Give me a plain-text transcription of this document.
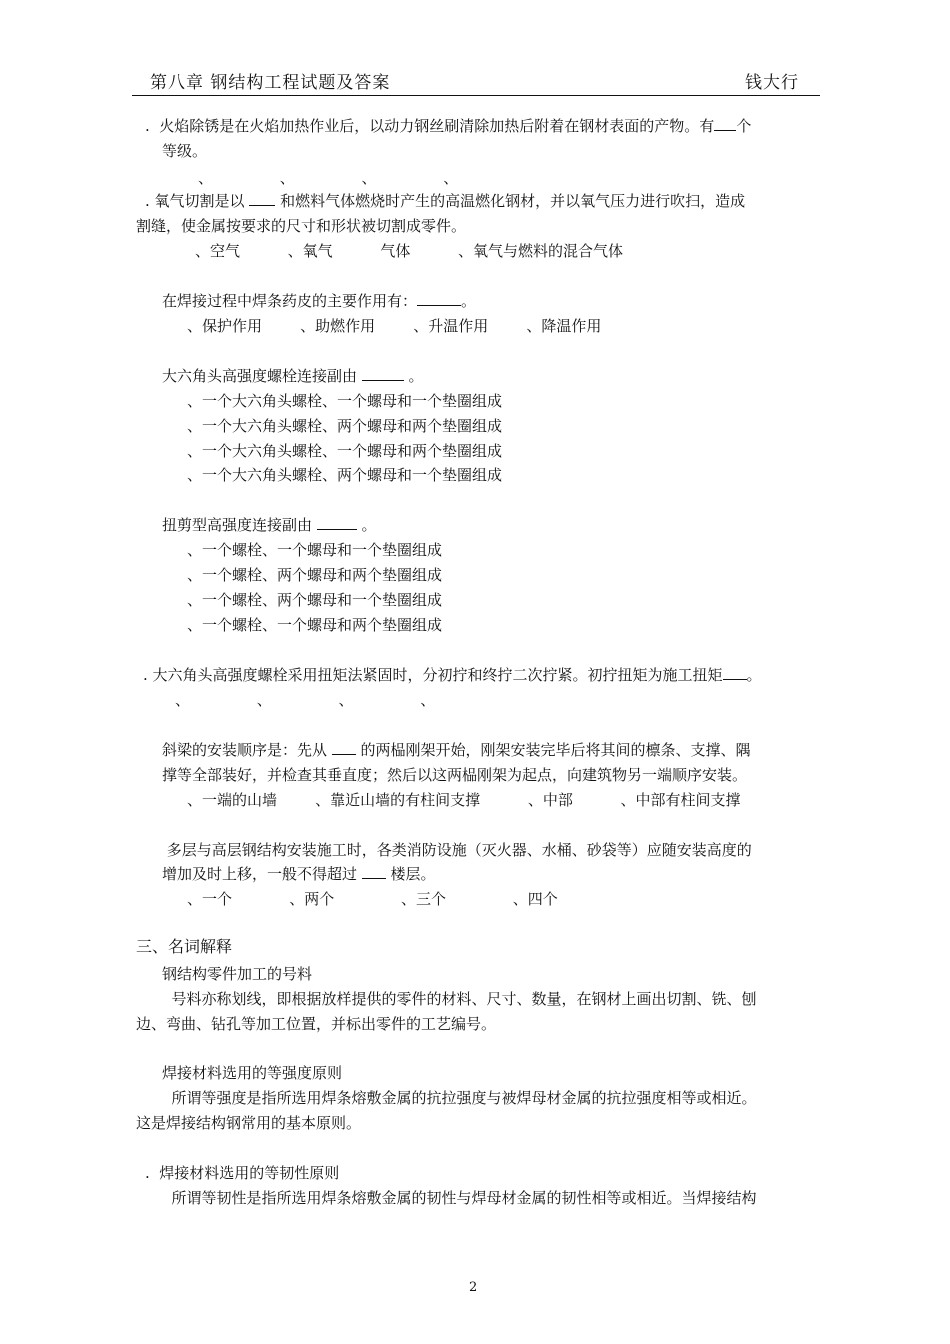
第八章 钢结构工程试题及答案	钱大行
.  火焰除锈是在火焰加热作业后，以动力钢丝刷清除加热后附着在钢材表面的产物。有 个
等级。
、              、              、              、
. 氧气切割是以  和燃料气体燃烧时产生的高温燃化钢材，并以氧气压力进行吹扫，造成
割缝，使金属按要求的尺寸和形状被切割成零件。
、空气          、氧气          气体          、氧气与燃料的混合气体
在焊接过程中焊条药皮的主要作用有：	。
、保护作用        、助燃作用        、升温作用        、降温作用
大六角头高强度螺栓连接副由	。
、一个大六角头螺栓、一个螺母和一个垫圈组成
、一个大六角头螺栓、两个螺母和两个垫圈组成
、一个大六角头螺栓、一个螺母和两个垫圈组成
、一个大六角头螺栓、两个螺母和一个垫圈组成
扭剪型高强度连接副由	。
、一个螺栓、一个螺母和一个垫圈组成
、一个螺栓、两个螺母和两个垫圈组成
、一个螺栓、两个螺母和一个垫圈组成
、一个螺栓、一个螺母和两个垫圈组成
. 大六角头高强度螺栓采用扭矩法紧固时，分初拧和终拧二次拧紧。初拧扭矩为施工扭矩 。
、              、              、              、
斜梁的安装顺序是：先从  的两榀刚架开始，刚架安装完毕后将其间的檩条、支撑、隅
撑等全部装好，并检查其垂直度；然后以这两榀刚架为起点，向建筑物另一端顺序安装。
、一端的山墙        、靠近山墙的有柱间支撑          、中部          、中部有柱间支撑
多层与高层钢结构安装施工时，各类消防设施（灭火器、水桶、砂袋等）应随安装高度的
增加及时上移，一般不得超过  楼层。
、一个            、两个              、三个              、四个
三、名词解释
钢结构零件加工的号料
号料亦称划线，即根据放样提供的零件的材料、尺寸、数量，在钢材上画出切割、铣、刨
边、弯曲、钻孔等加工位置，并标出零件的工艺编号。
焊接材料选用的等强度原则
所谓等强度是指所选用焊条熔敷金属的抗拉强度与被焊母材金属的抗拉强度相等或相近。
这是焊接结构钢常用的基本原则。
.  焊接材料选用的等韧性原则
所谓等韧性是指所选用焊条熔敷金属的韧性与焊母材金属的韧性相等或相近。当焊接结构
2
